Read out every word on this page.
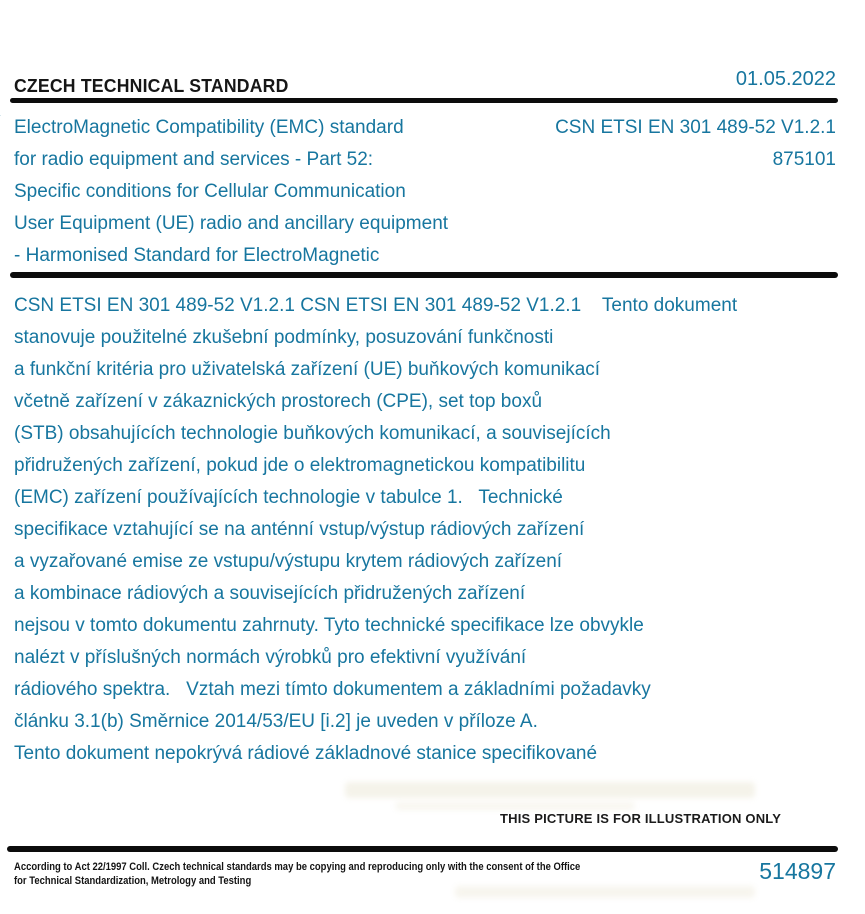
CZECH TECHNICAL STANDARD	01.05.2022
ElectroMagnetic Compatibility (EMC) standard
for radio equipment and services - Part 52:
Specific conditions for Cellular Communication
User Equipment (UE) radio and ancillary equipment
- Harmonised Standard for ElectroMagnetic
CSN ETSI EN 301 489-52 V1.2.1
875101
CSN ETSI EN 301 489-52 V1.2.1 CSN ETSI EN 301 489-52 V1.2.1    Tento dokument
stanovuje použitelné zkušební podmínky, posuzování funkčnosti
a funkční kritéria pro uživatelská zařízení (UE) buňkových komunikací
včetně zařízení v zákaznických prostorech (CPE), set top boxů
(STB) obsahujících technologie buňkových komunikací, a souvisejících
přidružených zařízení, pokud jde o elektromagnetickou kompatibilitu
(EMC) zařízení používajících technologie v tabulce 1.   Technické
specifikace vztahující se na anténní vstup/výstup rádiových zařízení
a vyzařované emise ze vstupu/výstupu krytem rádiových zařízení
a kombinace rádiových a souvisejících přidružených zařízení
nejsou v tomto dokumentu zahrnuty. Tyto technické specifikace lze obvykle
nalézt v příslušných normách výrobků pro efektivní využívání
rádiového spektra.   Vztah mezi tímto dokumentem a základními požadavky
článku 3.1(b) Směrnice 2014/53/EU [i.2] je uveden v příloze A.
Tento dokument nepokrývá rádiové základnové stanice specifikované
THIS PICTURE IS FOR ILLUSTRATION ONLY
According to Act 22/1997 Coll. Czech technical standards may be copying and reproducing only with the consent of the Office
for Technical Standardization, Metrology and Testing	514897
